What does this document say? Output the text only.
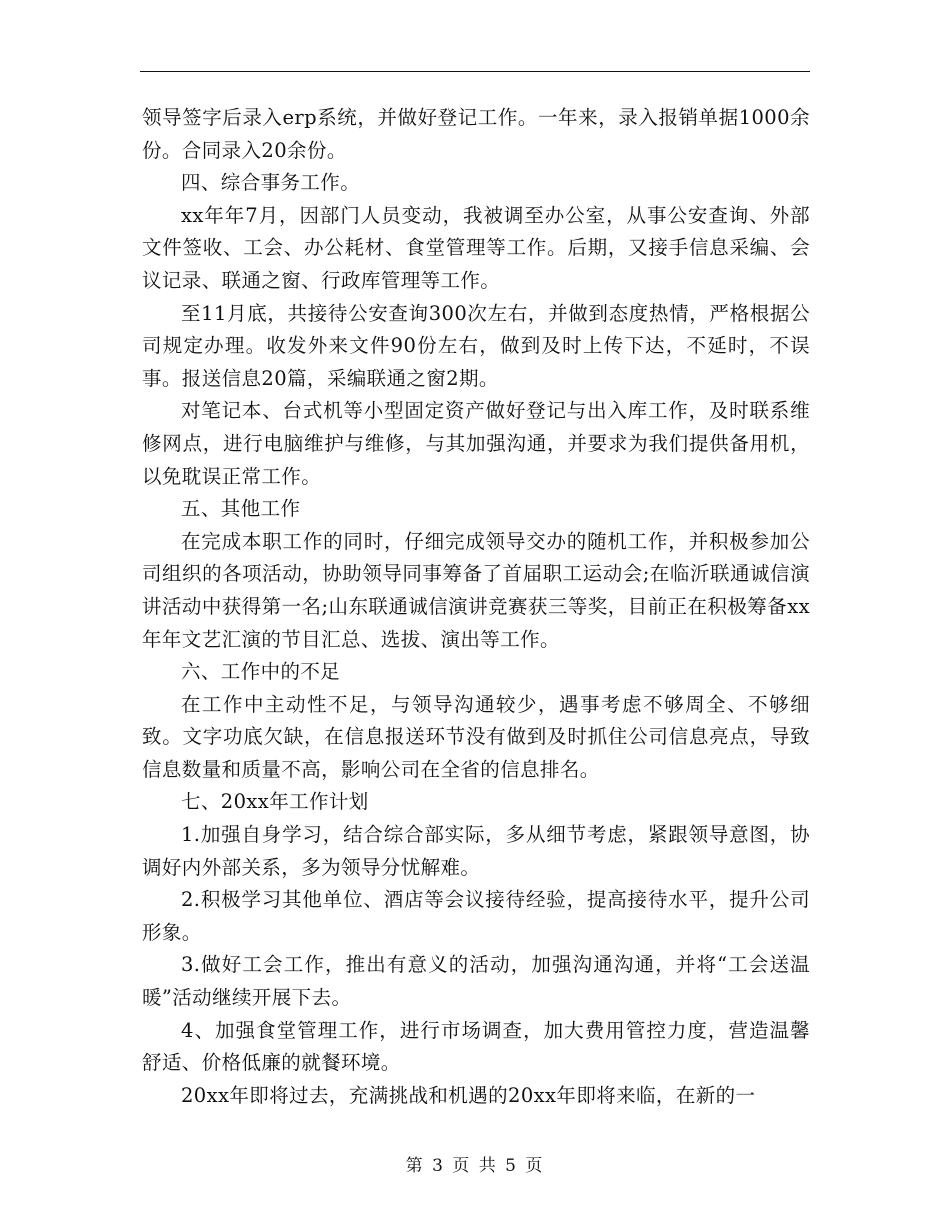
领导签字后录入erp系统，并做好登记工作。一年来，录入报销单据1000余份。合同录入20余份。

四、综合事务工作。

xx年年7月，因部门人员变动，我被调至办公室，从事公安查询、外部文件签收、工会、办公耗材、食堂管理等工作。后期，又接手信息采编、会议记录、联通之窗、行政库管理等工作。

至11月底，共接待公安查询300次左右，并做到态度热情，严格根据公司规定办理。收发外来文件90份左右，做到及时上传下达，不延时，不误事。报送信息20篇，采编联通之窗2期。

对笔记本、台式机等小型固定资产做好登记与出入库工作，及时联系维修网点，进行电脑维护与维修，与其加强沟通，并要求为我们提供备用机，以免耽误正常工作。

五、其他工作

在完成本职工作的同时，仔细完成领导交办的随机工作，并积极参加公司组织的各项活动，协助领导同事筹备了首届职工运动会;在临沂联通诚信演讲活动中获得第一名;山东联通诚信演讲竞赛获三等奖，目前正在积极筹备xx年年文艺汇演的节目汇总、选拔、演出等工作。

六、工作中的不足

在工作中主动性不足，与领导沟通较少，遇事考虑不够周全、不够细致。文字功底欠缺，在信息报送环节没有做到及时抓住公司信息亮点，导致信息数量和质量不高，影响公司在全省的信息排名。

七、20xx年工作计划

1.加强自身学习，结合综合部实际，多从细节考虑，紧跟领导意图，协调好内外部关系，多为领导分忧解难。

2.积极学习其他单位、酒店等会议接待经验，提高接待水平，提升公司形象。

3.做好工会工作，推出有意义的活动，加强沟通沟通，并将“工会送温暖”活动继续开展下去。

4、加强食堂管理工作，进行市场调查，加大费用管控力度，营造温馨舒适、价格低廉的就餐环境。

20xx年即将过去，充满挑战和机遇的20xx年即将来临，在新的一

第 3 页 共 5 页
